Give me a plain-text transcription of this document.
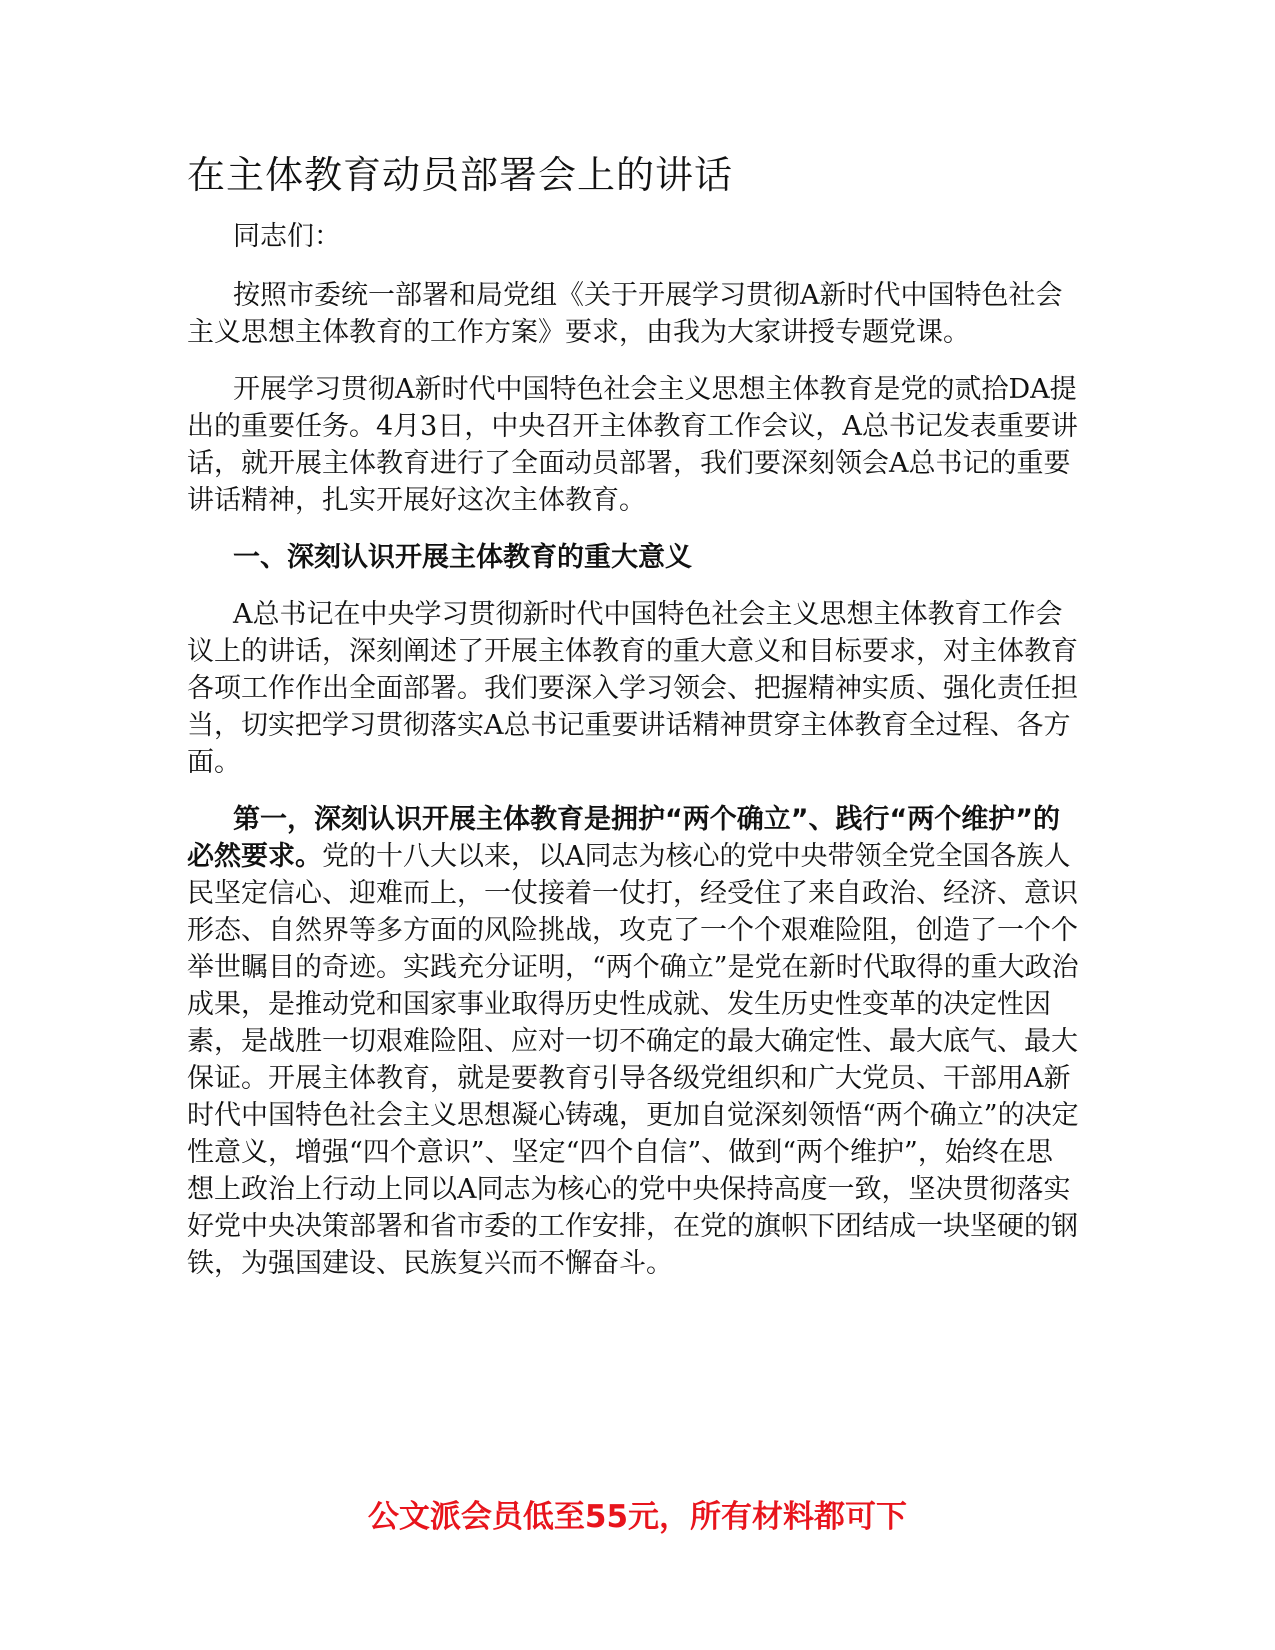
在主体教育动员部署会上的讲话

同志们：

按照市委统一部署和局党组《关于开展学习贯彻A新时代中国特色社会主义思想主体教育的工作方案》要求，由我为大家讲授专题党课。

开展学习贯彻A新时代中国特色社会主义思想主体教育是党的贰拾DA提出的重要任务。4月3日，中央召开主体教育工作会议，A总书记发表重要讲话，就开展主体教育进行了全面动员部署，我们要深刻领会A总书记的重要讲话精神，扎实开展好这次主体教育。

一、深刻认识开展主体教育的重大意义

A总书记在中央学习贯彻新时代中国特色社会主义思想主体教育工作会议上的讲话，深刻阐述了开展主体教育的重大意义和目标要求，对主体教育各项工作作出全面部署。我们要深入学习领会、把握精神实质、强化责任担当，切实把学习贯彻落实A总书记重要讲话精神贯穿主体教育全过程、各方面。

第一，深刻认识开展主体教育是拥护“两个确立”、践行“两个维护”的必然要求。党的十八大以来，以A同志为核心的党中央带领全党全国各族人民坚定信心、迎难而上，一仗接着一仗打，经受住了来自政治、经济、意识形态、自然界等多方面的风险挑战，攻克了一个个艰难险阻，创造了一个个举世瞩目的奇迹。实践充分证明，“两个确立”是党在新时代取得的重大政治成果，是推动党和国家事业取得历史性成就、发生历史性变革的决定性因素，是战胜一切艰难险阻、应对一切不确定的最大确定性、最大底气、最大保证。开展主体教育，就是要教育引导各级党组织和广大党员、干部用A新时代中国特色社会主义思想凝心铸魂，更加自觉深刻领悟“两个确立”的决定性意义，增强“四个意识”、坚定“四个自信”、做到“两个维护”，始终在思想上政治上行动上同以A同志为核心的党中央保持高度一致，坚决贯彻落实好党中央决策部署和省市委的工作安排，在党的旗帜下团结成一块坚硬的钢铁，为强国建设、民族复兴而不懈奋斗。

公文派会员低至55元，所有材料都可下
